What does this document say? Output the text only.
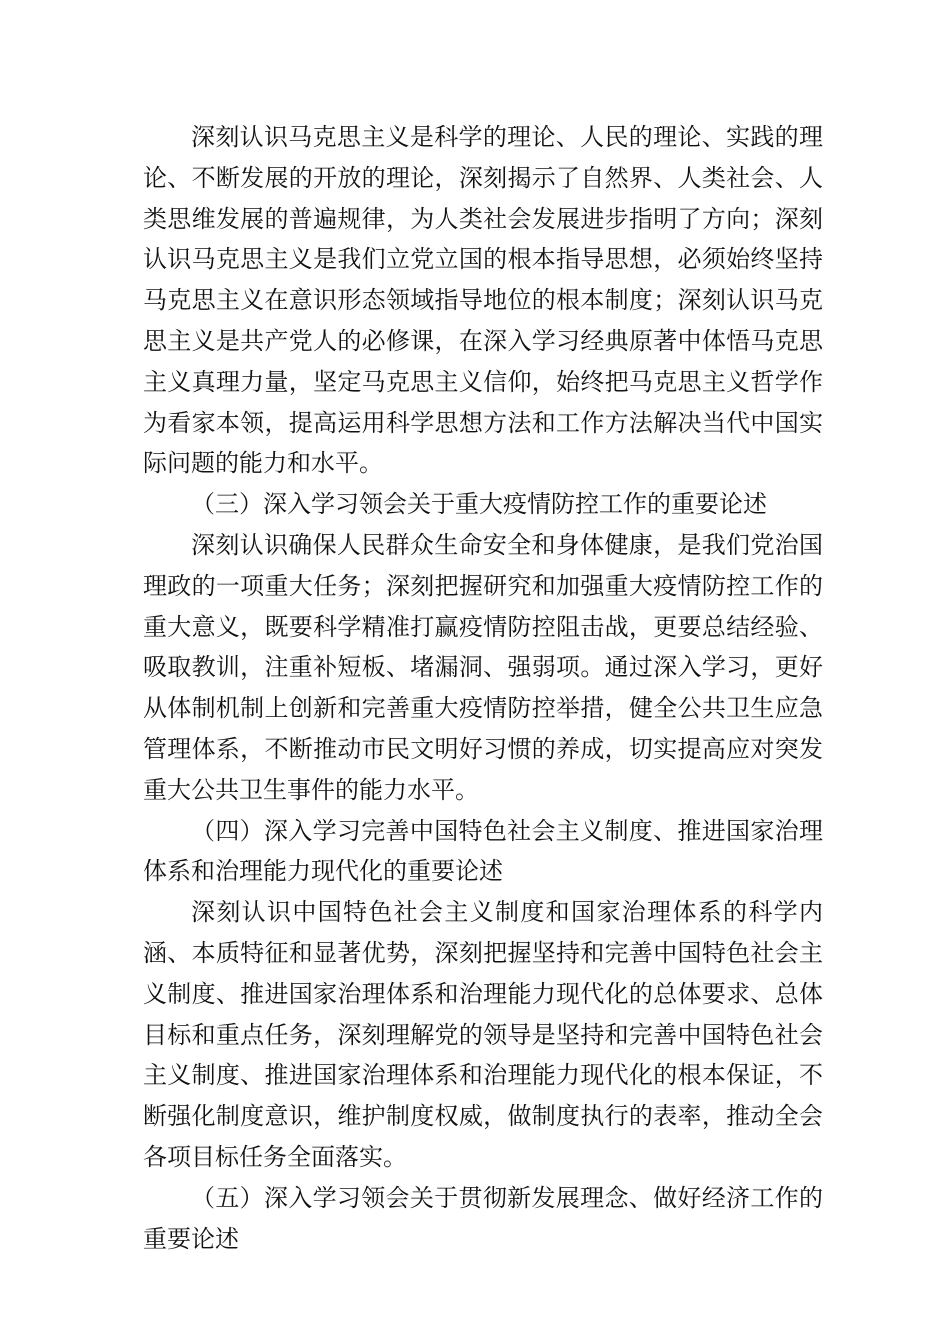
深刻认识马克思主义是科学的理论、人民的理论、实践的理论、不断发展的开放的理论，深刻揭示了自然界、人类社会、人类思维发展的普遍规律，为人类社会发展进步指明了方向；深刻认识马克思主义是我们立党立国的根本指导思想，必须始终坚持马克思主义在意识形态领域指导地位的根本制度；深刻认识马克思主义是共产党人的必修课，在深入学习经典原著中体悟马克思主义真理力量，坚定马克思主义信仰，始终把马克思主义哲学作为看家本领，提高运用科学思想方法和工作方法解决当代中国实际问题的能力和水平。

（三）深入学习领会关于重大疫情防控工作的重要论述

深刻认识确保人民群众生命安全和身体健康，是我们党治国理政的一项重大任务；深刻把握研究和加强重大疫情防控工作的重大意义，既要科学精准打赢疫情防控阻击战，更要总结经验、吸取教训，注重补短板、堵漏洞、强弱项。通过深入学习，更好从体制机制上创新和完善重大疫情防控举措，健全公共卫生应急管理体系，不断推动市民文明好习惯的养成，切实提高应对突发重大公共卫生事件的能力水平。

（四）深入学习完善中国特色社会主义制度、推进国家治理体系和治理能力现代化的重要论述

深刻认识中国特色社会主义制度和国家治理体系的科学内涵、本质特征和显著优势，深刻把握坚持和完善中国特色社会主义制度、推进国家治理体系和治理能力现代化的总体要求、总体目标和重点任务，深刻理解党的领导是坚持和完善中国特色社会主义制度、推进国家治理体系和治理能力现代化的根本保证，不断强化制度意识，维护制度权威，做制度执行的表率，推动全会各项目标任务全面落实。

（五）深入学习领会关于贯彻新发展理念、做好经济工作的重要论述
